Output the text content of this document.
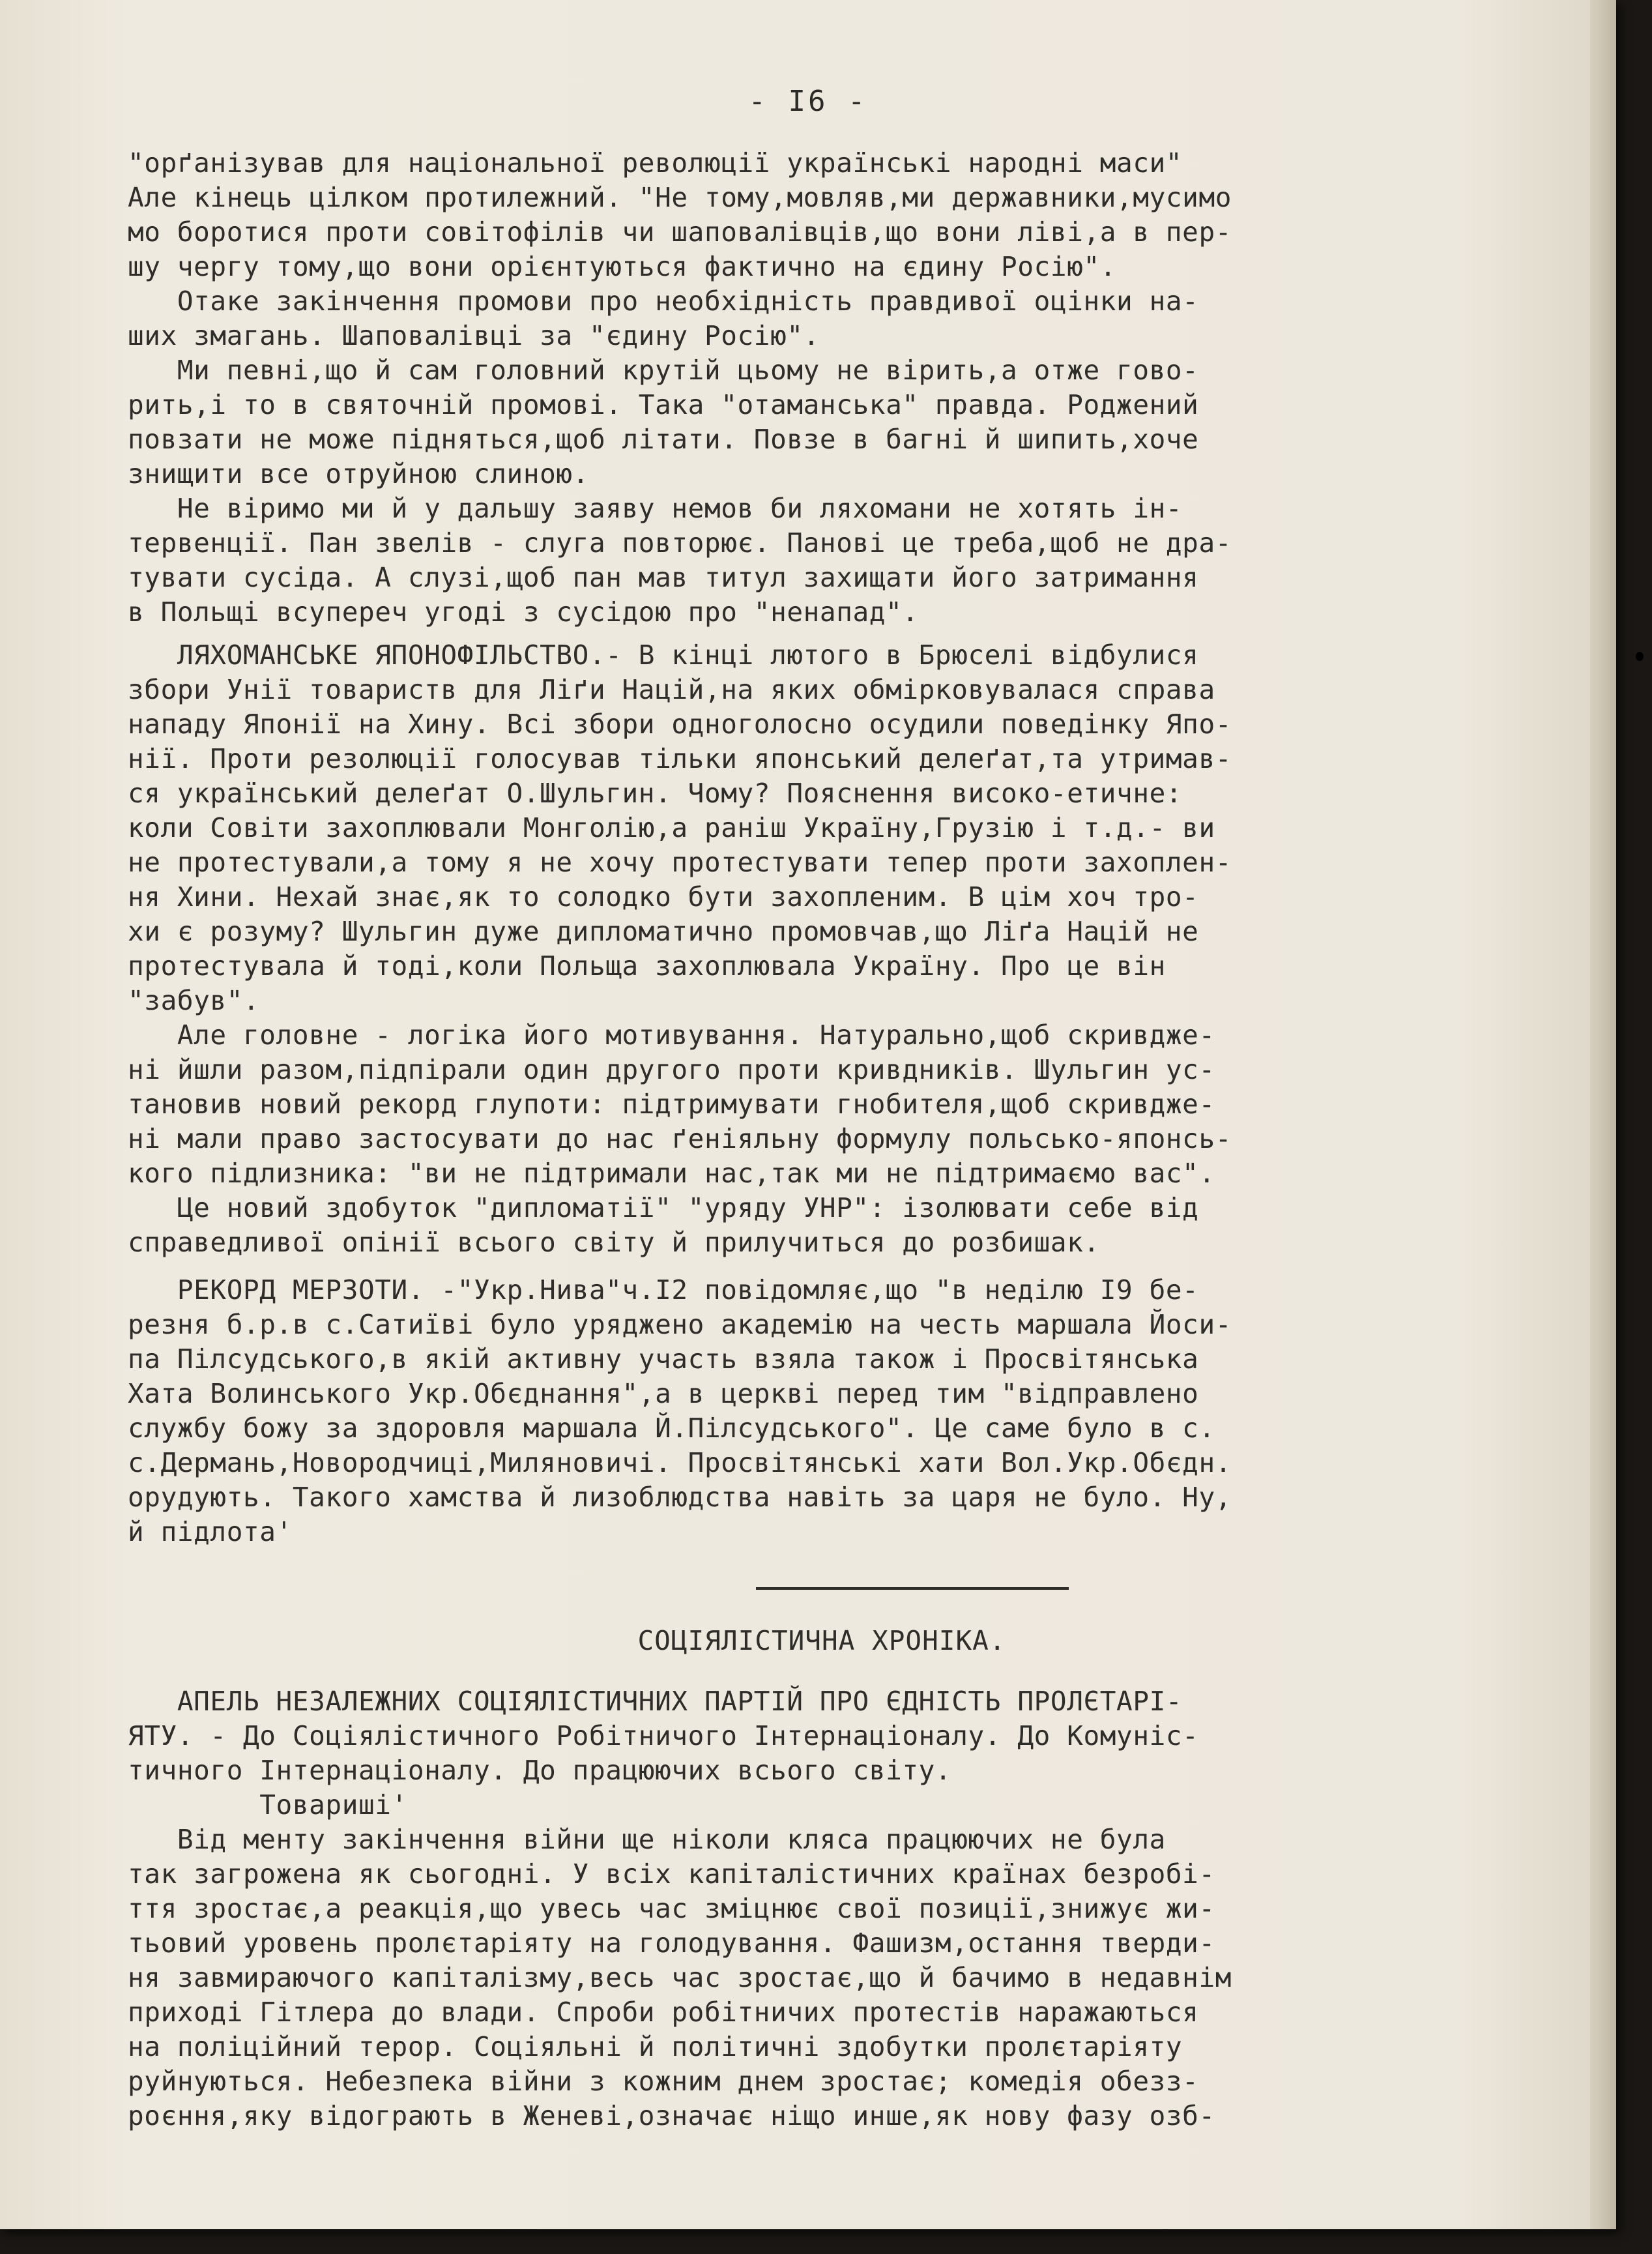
- I6 -
"орґанізував для національної революції українські народні маси"
Але кінець цілком протилежний. "Не тому,мовляв,ми державники,мусимо
мо боротися проти совітофілів чи шаповалівців,що вони ліві,а в пер-
шу чергу тому,що вони орієнтуються фактично на єдину Росію".
Отаке закінчення промови про необхідність правдивої оцінки на-
ших змагань. Шаповалівці за "єдину Росію".
Ми певні,що й сам головний крутій цьому не вірить,а отже гово-
рить,і то в святочній промові. Така "отаманська" правда. Роджений
повзати не може підняться,щоб літати. Повзе в багні й шипить,хоче
знищити все отруйною слиною.
Не віримо ми й у дальшу заяву немов би ляхомани не хотять ін-
тервенції. Пан звелів - слуга повторює. Панові це треба,щоб не дра-
тувати сусіда. А слузі,щоб пан мав титул захищати його затримання
в Польщі всупереч угоді з сусідою про "ненапад".
ЛЯХОМАНСЬКЕ ЯПОНОФІЛЬСТВО.- В кінці лютого в Брюселі відбулися
збори Унії товариств для Ліґи Націй,на яких обмірковувалася справа
нападу Японії на Хину. Всі збори одноголосно осудили поведінку Япо-
нії. Проти резолюції голосував тільки японський делеґат,та утримав-
ся український делеґат О.Шульгин. Чому? Пояснення високо-етичне:
коли Совіти захоплювали Монголію,а раніш Україну,Грузію і т.д.- ви
не протестували,а тому я не хочу протестувати тепер проти захоплен-
ня Хини. Нехай знає,як то солодко бути захопленим. В цім хоч тро-
хи є розуму? Шульгин дуже дипломатично промовчав,що Ліґа Націй не
протестувала й тоді,коли Польща захоплювала Україну. Про це він
"забув".
Але головне - логіка його мотивування. Натурально,щоб скривдже-
ні йшли разом,підпірали один другого проти кривдників. Шульгин ус-
тановив новий рекорд глупоти: підтримувати гнобителя,щоб скривдже-
ні мали право застосувати до нас ґеніяльну формулу польсько-японсь-
кого підлизника: "ви не підтримали нас,так ми не підтримаємо вас".
Це новий здобуток "дипломатії" "уряду УНР": ізолювати себе від
справедливої опінії всього світу й прилучиться до розбишак.
РЕКОРД МЕРЗОТИ. -"Укр.Нива"ч.I2 повідомляє,що "в неділю I9 бе-
резня б.р.в с.Сатиїві було уряджено академію на честь маршала Йоси-
па Пілсудського,в якій активну участь взяла також і Просвітянська
Хата Волинського Укр.Обєднання",а в церкві перед тим "відправлено
службу божу за здоровля маршала Й.Пілсудського". Це саме було в с.
с.Дермань,Новородчиці,Миляновичі. Просвітянські хати Вол.Укр.Обєдн.
орудують. Такого хамства й лизоблюдства навіть за царя не було. Ну,
й підлота'
СОЦІЯЛІСТИЧНА ХРОНІКА.
АПЕЛЬ НЕЗАЛЕЖНИХ СОЦІЯЛІСТИЧНИХ ПАРТІЙ ПРО ЄДНІСТЬ ПРОЛЄТАРІ-
ЯТУ. - До Соціялістичного Робітничого Інтернаціоналу. До Комуніс-
тичного Інтернаціоналу. До працюючих всього світу.
Товариші'
Від менту закінчення війни ще ніколи кляса працюючих не була
так загрожена як сьогодні. У всіх капіталістичних країнах безробі-
ття зростає,а реакція,що увесь час зміцнює свої позиції,знижує жи-
тьовий уровень пролєтаріяту на голодування. Фашизм,остання тверди-
ня завмираючого капіталізму,весь час зростає,що й бачимо в недавнім
приході Гітлера до влади. Спроби робітничих протестів наражаються
на поліційний терор. Соціяльні й політичні здобутки пролєтаріяту
руйнуються. Небезпека війни з кожним днем зростає; комедія обезз-
роєння,яку відограють в Женеві,означає ніщо инше,як нову фазу озб-
